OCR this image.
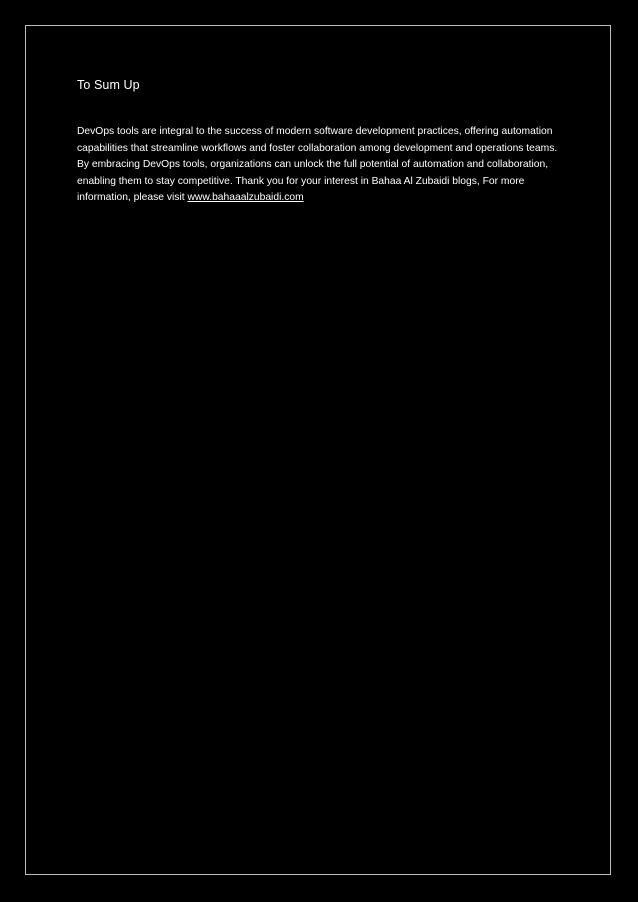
To Sum Up

DevOps tools are integral to the success of modern software development practices, offering automation capabilities that streamline workflows and foster collaboration among development and operations teams. By embracing DevOps tools, organizations can unlock the full potential of automation and collaboration, enabling them to stay competitive. Thank you for your interest in Bahaa Al Zubaidi blogs, For more information, please visit www.bahaaalzubaidi.com
